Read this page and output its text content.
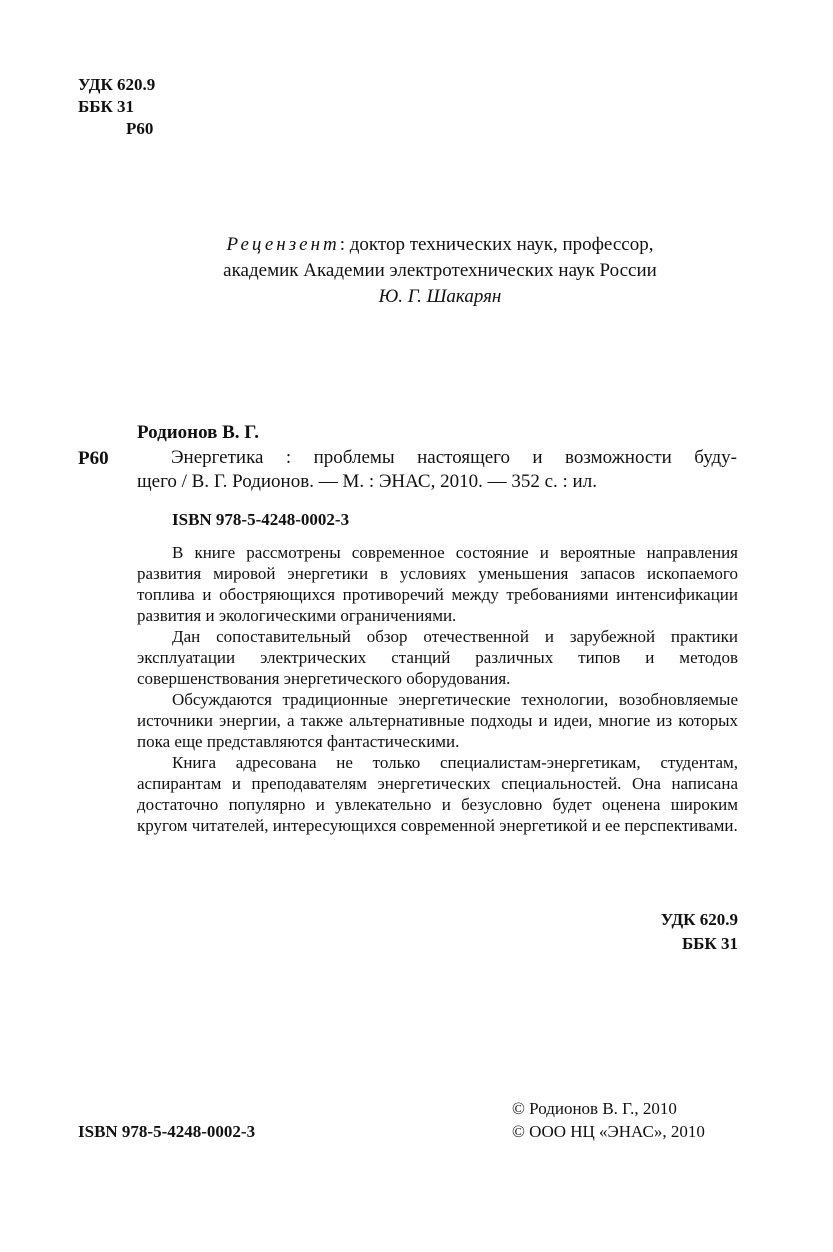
УДК 620.9
ББК 31
Р60
Рецензент: доктор технических наук, профессор,
академик Академии электротехнических наук России
Ю. Г. Шакарян
Родионов В. Г.
Р60	Энергетика : проблемы настоящего и возможности буду-
щего / В. Г. Родионов. — М. : ЭНАС, 2010. — 352 с. : ил.
ISBN 978-5-4248-0002-3

В книге рассмотрены современное состояние и вероятные направления развития мировой энергетики в условиях уменьшения запасов ископаемого топлива и обостряющихся противоречий между требованиями интенсификации развития и экологическими ограничениями.

Дан сопоставительный обзор отечественной и зарубежной практики эксплуатации электрических станций различных типов и методов совершенствования энергетического оборудования.

Обсуждаются традиционные энергетические технологии, возобновляемые источники энергии, а также альтернативные подходы и идеи, многие из которых пока еще представляются фантастическими.

Книга адресована не только специалистам-энергетикам, студентам, аспирантам и преподавателям энергетических специальностей. Она написана достаточно популярно и увлекательно и безусловно будет оценена широким кругом читателей, интересующихся современной энергетикой и ее перспективами.

УДК 620.9
ББК 31
© Родионов В. Г., 2010
© ООО НЦ «ЭНАС», 2010
ISBN 978-5-4248-0002-3
